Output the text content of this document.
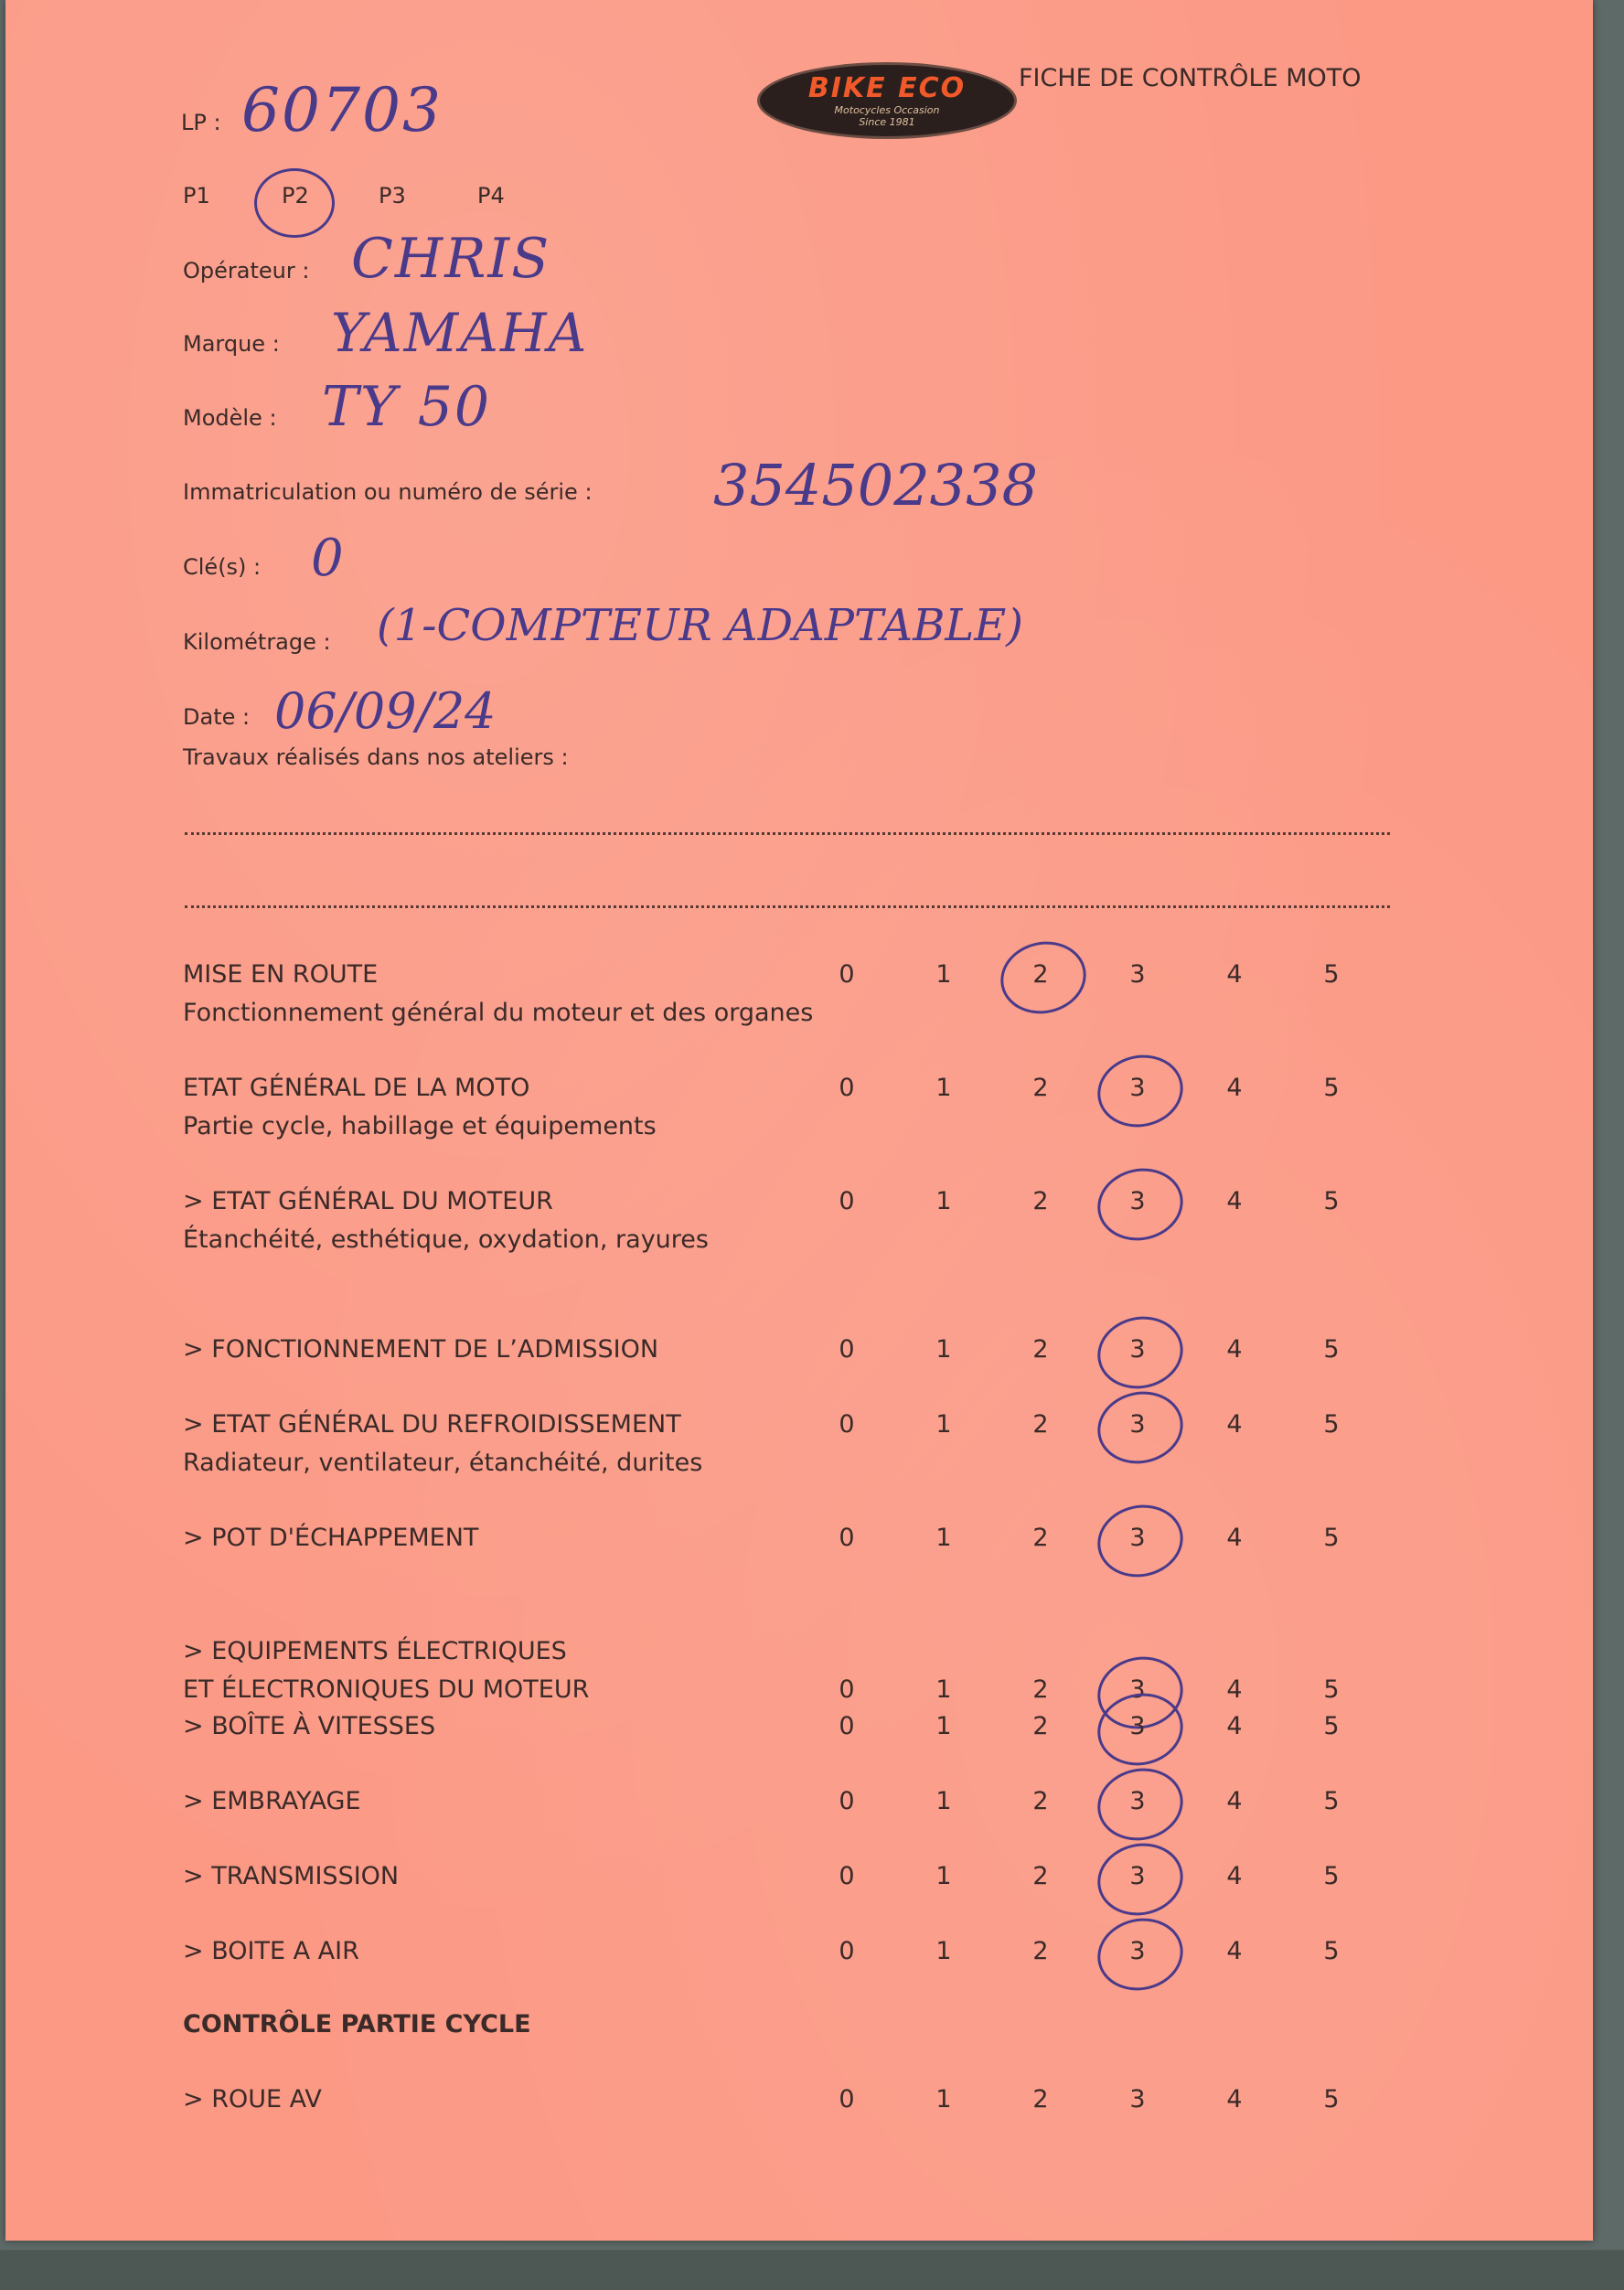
BIKE ECO
Motocycles Occasion
Since 1981
FICHE DE CONTRÔLE MOTO
LP : 60703
P1	P2	P3	P4
Opérateur : CHRIS
Marque : YAMAHA
Modèle : TY 50
Immatriculation ou numéro de série : 354502338
Clé(s) : 0
Kilométrage : (1-COMPTEUR ADAPTABLE)
Date : 06/09/24
Travaux réalisés dans nos ateliers :
CONTRÔLE PARTIE CYCLE
MISE EN ROUTE
Fonctionnement général du moteur et des organes
0	1	2	3	4	5
ETAT GÉNÉRAL DE LA MOTO
Partie cycle, habillage et équipements
0	1	2	3	4	5
> ETAT GÉNÉRAL DU MOTEUR
Étanchéité, esthétique, oxydation, rayures
0	1	2	3	4	5
> FONCTIONNEMENT DE L’ADMISSION	0	1	2	3	4	5
> ETAT GÉNÉRAL DU REFROIDISSEMENT
Radiateur, ventilateur, étanchéité, durites
0	1	2	3	4	5
> POT D'ÉCHAPPEMENT	0	1	2	3	4	5
> EQUIPEMENTS ÉLECTRIQUES
ET ÉLECTRONIQUES DU MOTEUR	0	1	2	3	4	5
> BOÎTE À VITESSES	0	1	2	3	4	5
> EMBRAYAGE	0	1	2	3	4	5
> TRANSMISSION	0	1	2	3	4	5
> BOITE A AIR	0	1	2	3	4	5
> ROUE AV	0	1	2	3	4	5
